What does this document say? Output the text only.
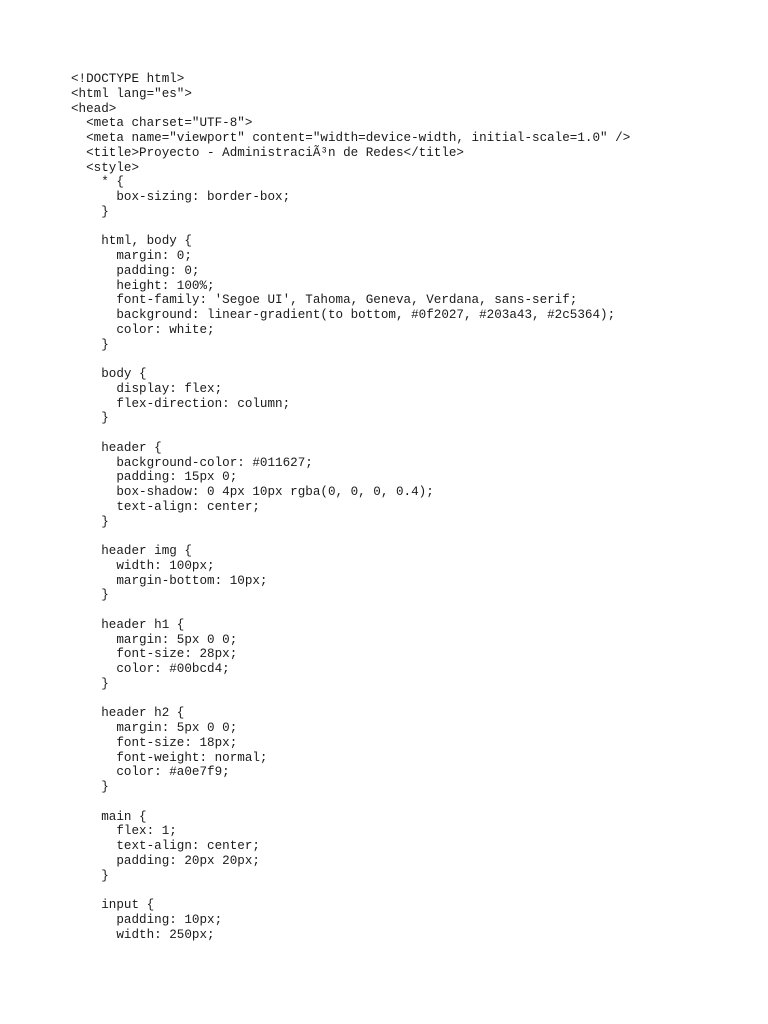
<!DOCTYPE html>
<html lang="es">
<head>
<meta charset="UTF-8">
<meta name="viewport" content="width=device-width, initial-scale=1.0" />
<title>Proyecto - AdministraciÃ³n de Redes</title>
<style>
* {
box-sizing: border-box;
}
html, body {
margin: 0;
padding: 0;
height: 100%;
font-family: 'Segoe UI', Tahoma, Geneva, Verdana, sans-serif;
background: linear-gradient(to bottom, #0f2027, #203a43, #2c5364);
color: white;
}
body {
display: flex;
flex-direction: column;
}
header {
background-color: #011627;
padding: 15px 0;
box-shadow: 0 4px 10px rgba(0, 0, 0, 0.4);
text-align: center;
}
header img {
width: 100px;
margin-bottom: 10px;
}
header h1 {
margin: 5px 0 0;
font-size: 28px;
color: #00bcd4;
}
header h2 {
margin: 5px 0 0;
font-size: 18px;
font-weight: normal;
color: #a0e7f9;
}
main {
flex: 1;
text-align: center;
padding: 20px 20px;
}
input {
padding: 10px;
width: 250px;
